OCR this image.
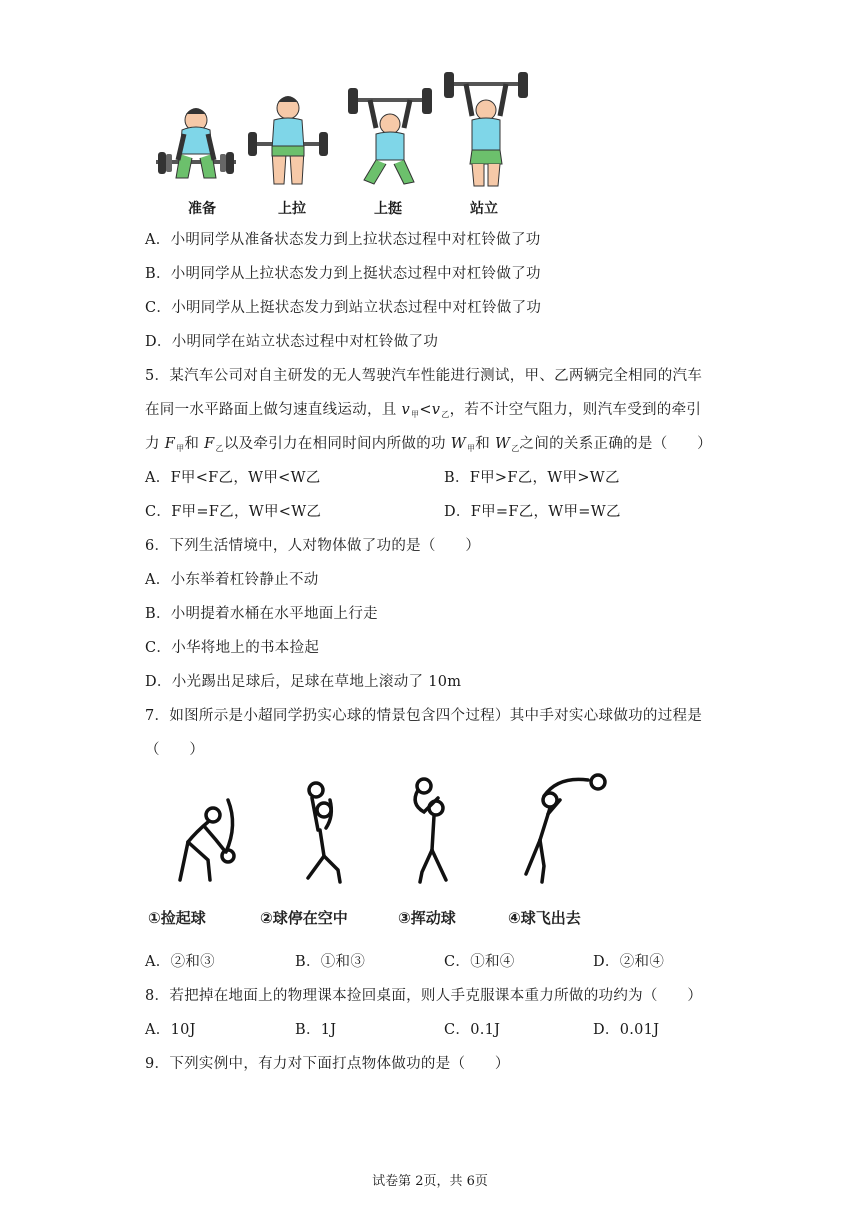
准备	上拉	上挺	站立
A．小明同学从准备状态发力到上拉状态过程中对杠铃做了功
B．小明同学从上拉状态发力到上挺状态过程中对杠铃做了功
C．小明同学从上挺状态发力到站立状态过程中对杠铃做了功
D．小明同学在站立状态过程中对杠铃做了功
5．某汽车公司对自主研发的无人驾驶汽车性能进行测试，甲、乙两辆完全相同的汽车
在同一水平路面上做匀速直线运动，且 $v_甲<v_乙$，若不计空气阻力，则汽车受到的牵引
力 $F_甲$和 $F_乙$以及牵引力在相同时间内所做的功 $W_甲$和 $W_乙$之间的关系正确的是（　　）
A．F甲<F乙，W甲<W乙	B．F甲>F乙，W甲>W乙
C．F甲=F乙，W甲<W乙	D．F甲=F乙，W甲=W乙
6．下列生活情境中，人对物体做了功的是（　　）
A．小东举着杠铃静止不动
B．小明提着水桶在水平地面上行走
C．小华将地上的书本捡起
D．小光踢出足球后，足球在草地上滚动了 10m
7．如图所示是小超同学扔实心球的情景包含四个过程）其中手对实心球做功的过程是
（　　）
①捡起球	②球停在空中	③挥动球	④球飞出去
A．②和③	B．①和③	C．①和④	D．②和④
8．若把掉在地面上的物理课本捡回桌面，则人手克服课本重力所做的功约为（　　）
A．10J	B．1J	C．0.1J	D．0.01J
9．下列实例中，有力对下面打点物体做功的是（　　）
试卷第 2页，共 6页
